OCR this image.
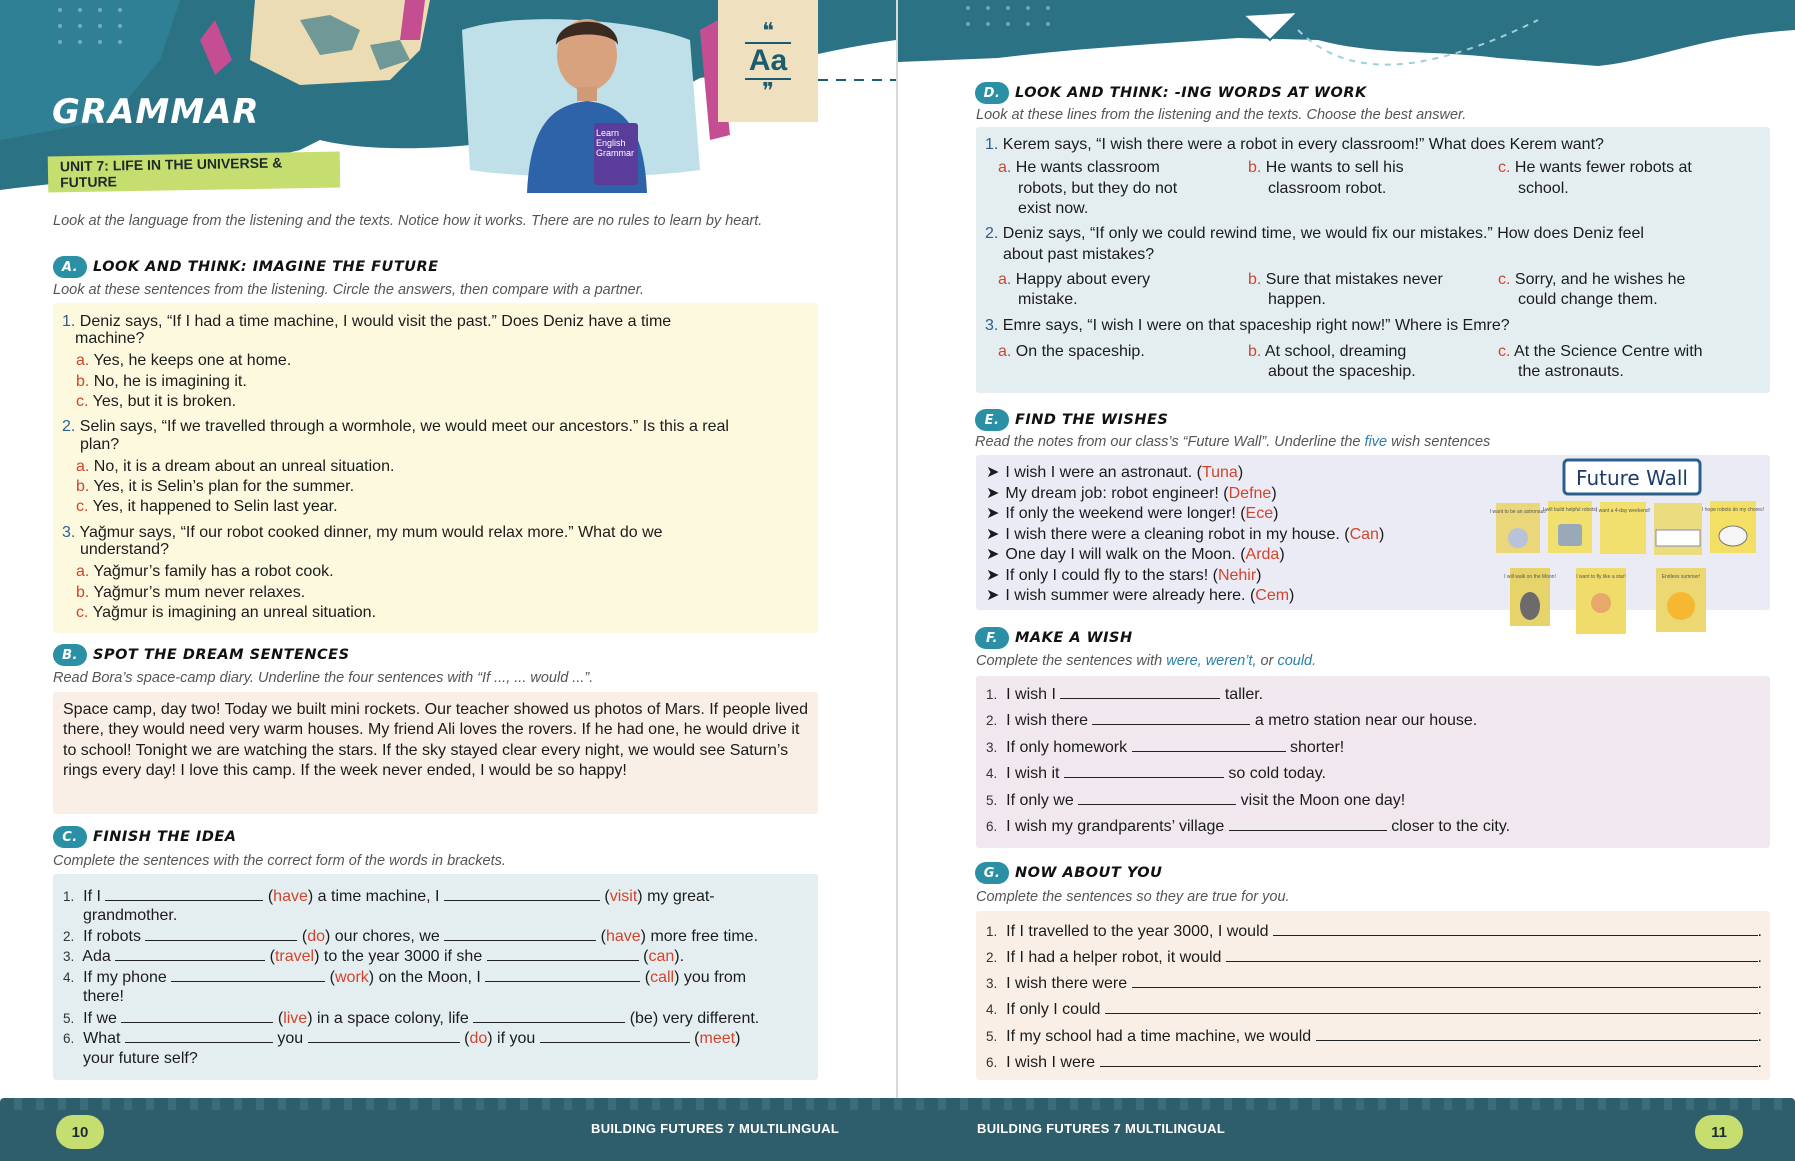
GRAMMAR
UNIT 7: LIFE IN THE UNIVERSE & FUTURE
Learn English Grammar
❝
Aa
❞
Look at the language from the listening and the texts. Notice how it works. There are no rules to learn by heart.
A.	LOOK AND THINK: IMAGINE THE FUTURE
Look at these sentences from the listening. Circle the answers, then compare with a partner.
1. Deniz says, “If I had a time machine, I would visit the past.” Does Deniz have a time
machine?
a. Yes, he keeps one at home.
b. No, he is imagining it.
c. Yes, but it is broken.
2. Selin says, “If we travelled through a wormhole, we would meet our ancestors.” Is this a real
plan?
a. No, it is a dream about an unreal situation.
b. Yes, it is Selin’s plan for the summer.
c. Yes, it happened to Selin last year.
3. Yağmur says, “If our robot cooked dinner, my mum would relax more.” What do we
understand?
a. Yağmur’s family has a robot cook.
b. Yağmur’s mum never relaxes.
c. Yağmur is imagining an unreal situation.
B.	SPOT THE DREAM SENTENCES
Read Bora’s space-camp diary. Underline the four sentences with “If ..., ... would ...”.
Space camp, day two! Today we built mini rockets. Our teacher showed us photos of Mars. If people lived there, they would need very warm houses. My friend Ali loves the rovers. If he had one, he would drive it to school! Tonight we are watching the stars. If the sky stayed clear every night, we would see Saturn’s rings every day! I love this camp. If the week never ended, I would be so happy!
C.	FINISH THE IDEA
Complete the sentences with the correct form of the words in brackets.
1. If I	(have) a time machine, I	(visit) my great-
grandmother.
2. If robots	(do) our chores, we	(have) more free time.
3. Ada	(travel) to the year 3000 if she	(can).
4. If my phone	(work) on the Moon, I	(call) you from
there!
5. If we	(live) in a space colony, life	(be) very different.
6. What	you	(do) if you	(meet)
your future self?
D.	LOOK AND THINK: -ING WORDS AT WORK
Look at these lines from the listening and the texts. Choose the best answer.
1. Kerem says, “I wish there were a robot in every classroom!” What does Kerem want?
a. He wants classroom
robots, but they do not
exist now.
b. He wants to sell his
classroom robot.
c. He wants fewer robots at
school.
2. Deniz says, “If only we could rewind time, we would fix our mistakes.” How does Deniz feel
about past mistakes?
a. Happy about every
mistake.
b. Sure that mistakes never
happen.
c. Sorry, and he wishes he
could change them.
3. Emre says, “I wish I were on that spaceship right now!” Where is Emre?
a. On the spaceship.	b. At school, dreaming
about the spaceship.
c. At the Science Centre with
the astronauts.
E.	FIND THE WISHES
Read the notes from our class’s “Future Wall”. Underline the five wish sentences
➤ I wish I were an astronaut. (Tuna)
➤ My dream job: robot engineer! (Defne)
➤ If only the weekend were longer! (Ece)
➤ I wish there were a cleaning robot in my house. (Can)
➤ One day I will walk on the Moon. (Arda)
➤ If only I could fly to the stars! (Nehir)
➤ I wish summer were already here. (Cem)
Future Wall
I want to be an astronaut!
I will build helpful robots!
I want a 4-day weekend!	I hope robots do my chores!
I will walk on the Moon!	I want to fly like a star!	Endless summer!
F.	MAKE A WISH
Complete the sentences with were, weren’t, or could.
1. I wish I	taller.
2. I wish there	a metro station near our house.
3. If only homework	shorter!
4. I wish it	so cold today.
5. If only we	visit the Moon one day!
6. I wish my grandparents’ village	closer to the city.
G.	NOW ABOUT YOU
Complete the sentences so they are true for you.
1.
If I travelled to the year 3000, I would
	.
2.
If I had a helper robot, it would
	.
3.
I wish there were
	.
4.
If only I could
	.
5.
If my school had a time machine, we would
	.
6.
I wish I were
	.
10	BUILDING FUTURES 7 MULTILINGUAL	BUILDING FUTURES 7 MULTILINGUAL	11
